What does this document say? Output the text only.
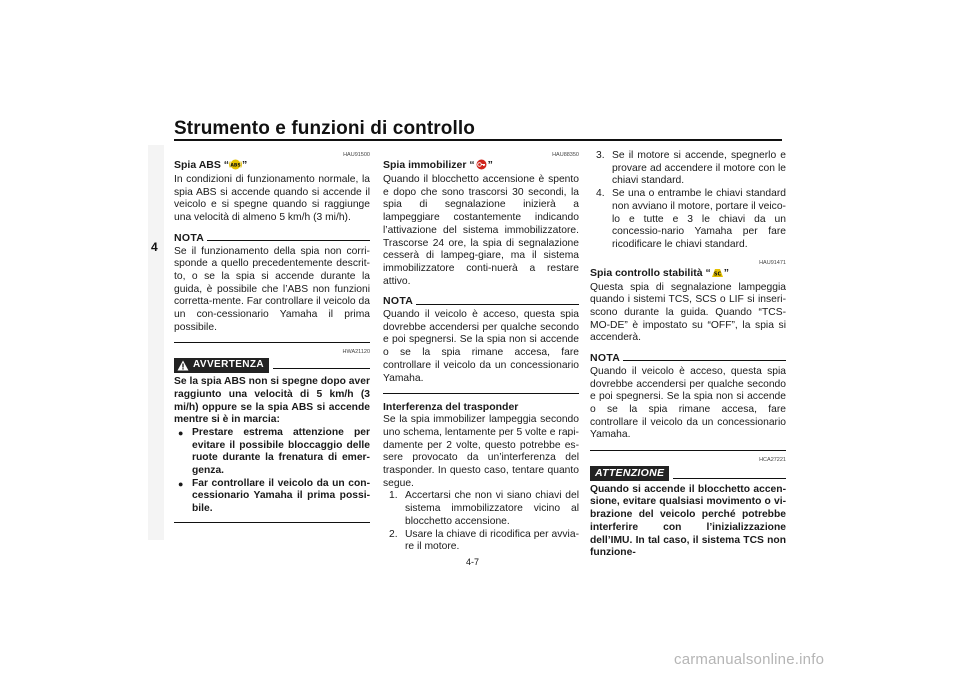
Strumento e funzioni di controllo
4
HAU91500
Spia ABS “ ABS ”
In condizioni di funzionamento normale, la spia ABS si accende quando si accende il veicolo e si spegne quando si raggiunge una velocità di almeno 5 km/h (3 mi/h).
NOTA
Se il funzionamento della spia non corri-sponde a quello precedentemente descrit-to, o se la spia si accende durante la guida, è possibile che l’ABS non funzioni corretta-mente. Far controllare il veicolo da un con-cessionario Yamaha il prima possibile.
HWA21120
AVVERTENZA
Se la spia ABS non si spegne dopo aver raggiunto una velocità di 5 km/h (3 mi/h) oppure se la spia ABS si accende mentre si è in marcia:
● Prestare estrema attenzione per evitare il possibile bloccaggio delle ruote durante la frenatura di emer-genza.
● Far controllare il veicolo da un con-cessionario Yamaha il prima possi-bile.
HAU88350
Spia immobilizer “ ”
Quando il blocchetto accensione è spento e dopo che sono trascorsi 30 secondi, la spia di segnalazione inizierà a lampeggiare costantemente indicando l’attivazione del sistema immobilizzatore. Trascorse 24 ore, la spia di segnalazione cesserà di lampeg-giare, ma il sistema immobilizzatore conti-nuerà a restare attivo.
NOTA
Quando il veicolo è acceso, questa spia dovrebbe accendersi per qualche secondo e poi spegnersi. Se la spia non si accende o se la spia rimane accesa, fare controllare il veicolo da un concessionario Yamaha.
Interferenza del trasponder
Se la spia immobilizer lampeggia secondo uno schema, lentamente per 5 volte e rapi-damente per 2 volte, questo potrebbe es-sere provocato da un’interferenza del trasponder. In questo caso, tentare quanto segue.
1. Accertarsi che non vi siano chiavi del sistema immobilizzatore vicino al blocchetto accensione.
2. Usare la chiave di ricodifica per avvia-re il motore.
3. Se il motore si accende, spegnerlo e provare ad accendere il motore con le chiavi standard.
4. Se una o entrambe le chiavi standard non avviano il motore, portare il veico-lo e tutte e 3 le chiavi da un concessio-nario Yamaha per fare ricodificare le chiavi standard.
HAU91471
Spia controllo stabilità “ SC ”
Questa spia di segnalazione lampeggia quando i sistemi TCS, SCS o LIF si inseri-scono durante la guida. Quando “TCS-MO-DE” è impostato su “OFF”, la spia si accenderà.
NOTA
Quando il veicolo è acceso, questa spia dovrebbe accendersi per qualche secondo e poi spegnersi. Se la spia non si accende o se la spia rimane accesa, fare controllare il veicolo da un concessionario Yamaha.
HCA27221
ATTENZIONE
Quando si accende il blocchetto accen-sione, evitare qualsiasi movimento o vi-brazione del veicolo perché potrebbe interferire con l’inizializzazione dell’IMU. In tal caso, il sistema TCS non funzione-
4-7
carmanualsonline.info
